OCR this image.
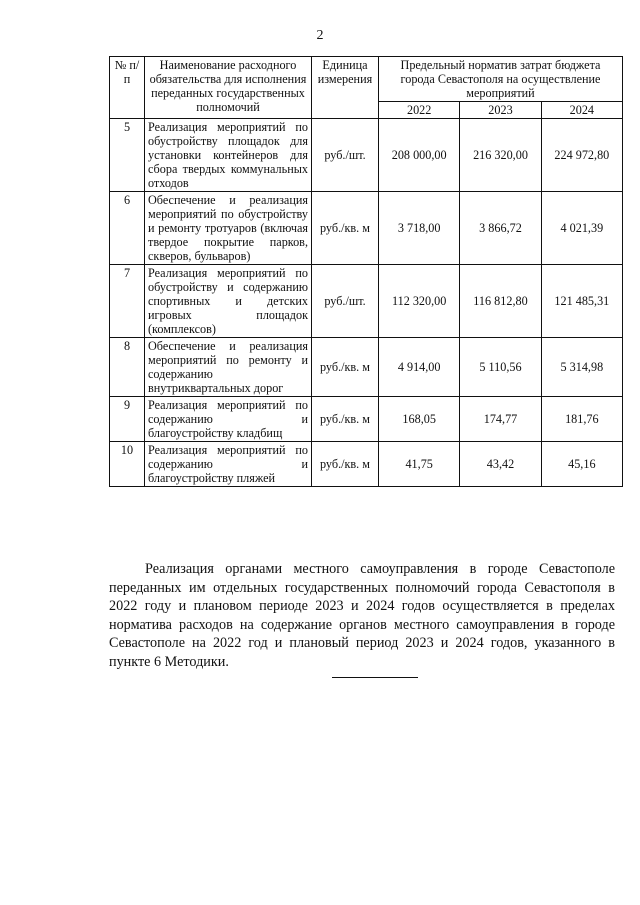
2
№ п/п	Наименование расходного обязательства для исполнения переданных государственных полномочий	Единица измерения	Предельный норматив затрат бюджета города Севастополя на осуществление мероприятий		
			2022	2023	2024
5	Реализация мероприятий по обустройству площадок для установки контейнеров для сбора твердых коммунальных отходов	руб./шт.	208 000,00	216 320,00	224 972,80
6	Обеспечение и реализация мероприятий по обустройству и ремонту тротуаров (включая твердое покрытие парков, скверов, бульваров)	руб./кв. м	3 718,00	3 866,72	4 021,39
7	Реализация мероприятий по обустройству и содержанию спортивных и детских игровых площадок (комплексов)	руб./шт.	112 320,00	116 812,80	121 485,31
8	Обеспечение и реализация мероприятий по ремонту и содержанию внутриквартальных дорог	руб./кв. м	4 914,00	5 110,56	5 314,98
9	Реализация мероприятий по содержанию и благоустройству кладбищ	руб./кв. м	168,05	174,77	181,76
10	Реализация мероприятий по содержанию и благоустройству пляжей	руб./кв. м	41,75	43,42	45,16

Реализация органами местного самоуправления в городе Севастополе переданных им отдельных государственных полномочий города Севастополя в 2022 году и плановом периоде 2023 и 2024 годов осуществляется в пределах норматива расходов на содержание органов местного самоуправления в городе Севастополе на 2022 год и плановый период 2023 и 2024 годов, указанного в пункте 6 Методики.
